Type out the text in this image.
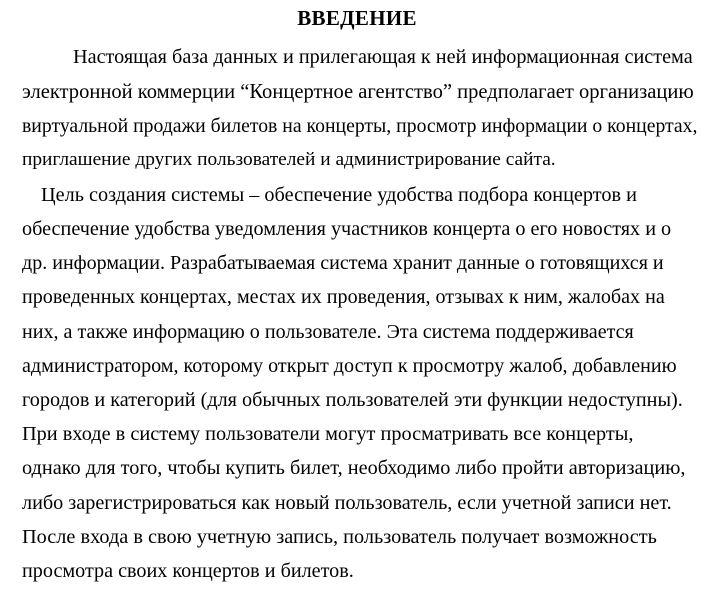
ВВЕДЕНИЕ
Настоящая база данных и прилегающая к ней информационная система
электронной коммерции “Концертное агентство” предполагает организацию
виртуальной продажи билетов на концерты, просмотр информации о концертах,
приглашение других пользователей и администрирование сайта.
Цель создания системы – обеспечение удобства подбора концертов и
обеспечение удобства уведомления участников концерта о его новостях и о
др. информации. Разрабатываемая система хранит данные о готовящихся и
проведенных концертах, местах их проведения, отзывах к ним, жалобах на
них, а также информацию о пользователе. Эта система поддерживается
администратором, которому открыт доступ к просмотру жалоб, добавлению
городов и категорий (для обычных пользователей эти функции недоступны).
При входе в систему пользователи могут просматривать все концерты,
однако для того, чтобы купить билет, необходимо либо пройти авторизацию,
либо зарегистрироваться как новый пользователь, если учетной записи нет.
После входа в свою учетную запись, пользователь получает возможность
просмотра своих концертов и билетов.
